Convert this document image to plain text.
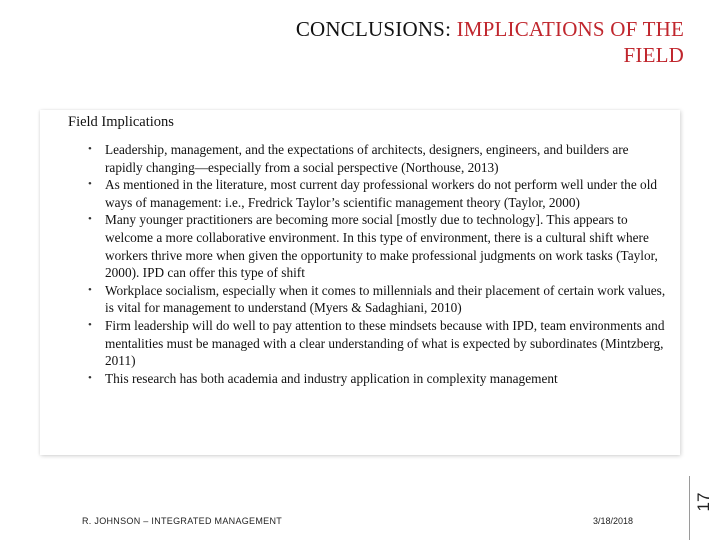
CONCLUSIONS: IMPLICATIONS OF THE
FIELD
Field Implications
• Leadership, management, and the expectations of architects, designers, engineers, and builders are rapidly changing—especially from a social perspective (Northouse, 2013)
• As mentioned in the literature, most current day professional workers do not perform well under the old ways of management: i.e., Fredrick Taylor’s scientific management theory (Taylor, 2000)
• Many younger practitioners are becoming more social [mostly due to technology]. This appears to welcome a more collaborative environment. In this type of environment, there is a cultural shift where workers thrive more when given the opportunity to make professional judgments on work tasks (Taylor, 2000). IPD can offer this type of shift
• Workplace socialism, especially when it comes to millennials and their placement of certain work values, is vital for management to understand (Myers & Sadaghiani, 2010)
• Firm leadership will do well to pay attention to these mindsets because with IPD, team environments and mentalities must be managed with a clear understanding of what is expected by subordinates (Mintzberg, 2011)
• This research has both academia and industry application in complexity management
R. JOHNSON – INTEGRATED MANAGEMENT	3/18/2018
17
